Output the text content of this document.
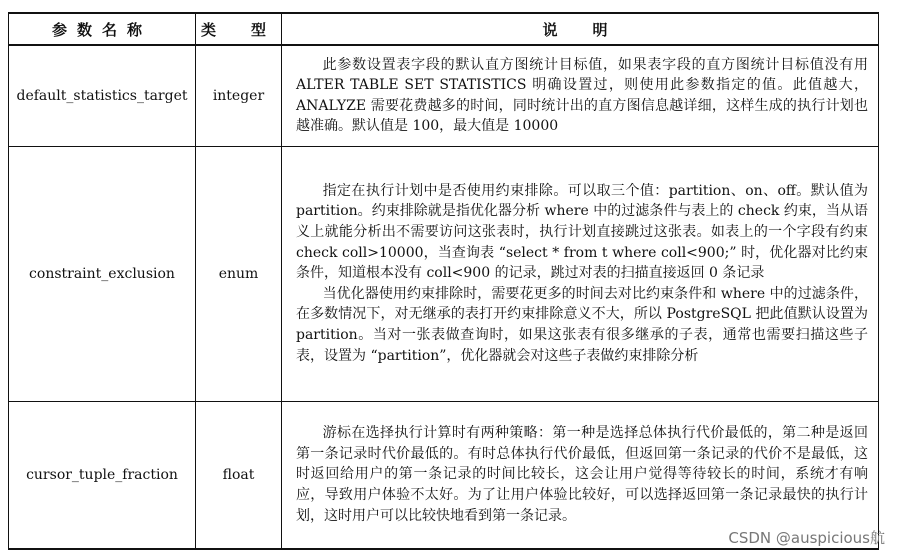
参数名称	类　型	说　明
default_statistics_target	integer	此参数设置表字段的默认直方图统计目标值，如果表字段的直方图统计目标值没有用 ALTER TABLE SET STATISTICS 明确设置过，则使用此参数指定的值。此值越大，ANALYZE 需要花费越多的时间，同时统计出的直方图信息越详细，这样生成的执行计划也越准确。默认值是 100，最大值是 10000

constraint_exclusion	enum	指定在执行计划中是否使用约束排除。可以取三个值：partition、on、off。默认值为 partition。约束排除就是指优化器分析 where 中的过滤条件与表上的 check 约束，当从语义上就能分析出不需要访问这张表时，执行计划直接跳过这张表。如表上的一个字段有约束 check coll>10000，当查询表 “select * from t where coll<900;” 时，优化器对比约束条件，知道根本没有 coll<900 的记录，跳过对表的扫描直接返回 0 条记录

当优化器使用约束排除时，需要花更多的时间去对比约束条件和 where 中的过滤条件，在多数情况下，对无继承的表打开约束排除意义不大，所以 PostgreSQL 把此值默认设置为 partition。当对一张表做查询时，如果这张表有很多继承的子表，通常也需要扫描这些子表，设置为 “partition”，优化器就会对这些子表做约束排除分析

cursor_tuple_fraction	float	游标在选择执行计算时有两种策略：第一种是选择总体执行代价最低的，第二种是返回第一条记录时代价最低的。有时总体执行代价最低，但返回第一条记录的代价不是最低，这时返回给用户的第一条记录的时间比较长，这会让用户觉得等待较长的时间，系统才有响应，导致用户体验不太好。为了让用户体验比较好，可以选择返回第一条记录最快的执行计划，这时用户可以比较快地看到第一条记录。

CSDN @auspicious航
